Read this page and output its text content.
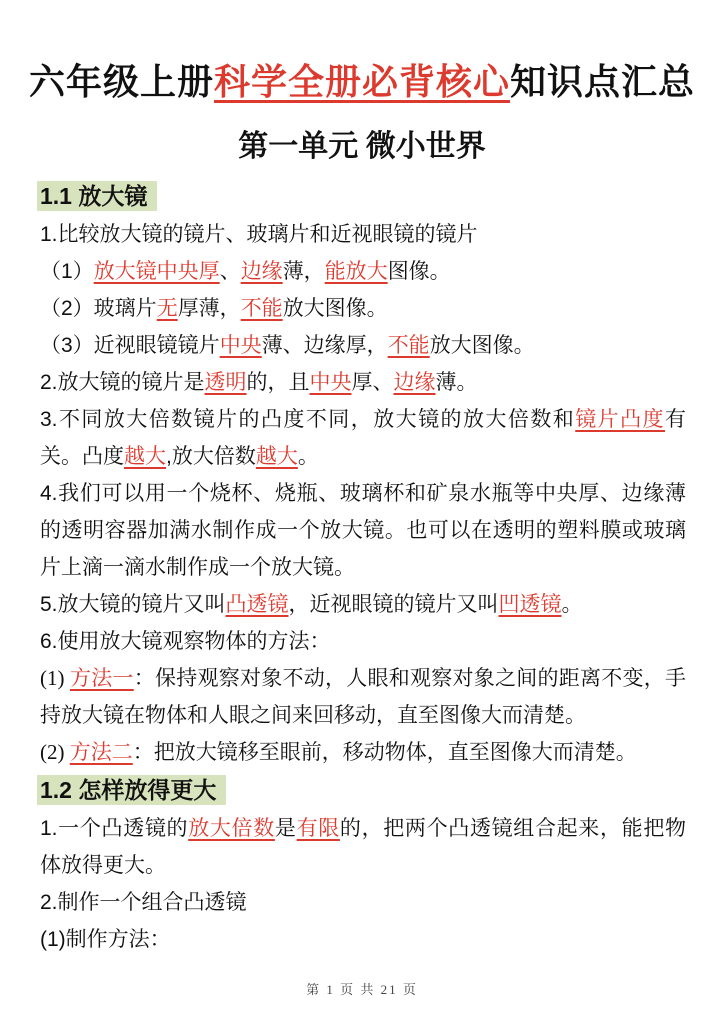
六年级上册科学全册必背核心知识点汇总
第一单元 微小世界
1.1 放大镜

1.比较放大镜的镜片、玻璃片和近视眼镜的镜片

（1）放大镜中央厚、边缘薄，能放大图像。

（2）玻璃片无厚薄，不能放大图像。

（3）近视眼镜镜片中央薄、边缘厚，不能放大图像。

2.放大镜的镜片是透明的，且中央厚、边缘薄。

3.不同放大倍数镜片的凸度不同，放大镜的放大倍数和镜片凸度有关。凸度越大,放大倍数越大。

4.我们可以用一个烧杯、烧瓶、玻璃杯和矿泉水瓶等中央厚、边缘薄的透明容器加满水制作成一个放大镜。也可以在透明的塑料膜或玻璃片上滴一滴水制作成一个放大镜。

5.放大镜的镜片又叫凸透镜，近视眼镜的镜片又叫凹透镜。

6.使用放大镜观察物体的方法：

(1) 方法一：保持观察对象不动，人眼和观察对象之间的距离不变，手持放大镜在物体和人眼之间来回移动，直至图像大而清楚。

(2) 方法二：把放大镜移至眼前，移动物体，直至图像大而清楚。

1.2 怎样放得更大

1.一个凸透镜的放大倍数是有限的，把两个凸透镜组合起来，能把物体放得更大。

2.制作一个组合凸透镜

(1)制作方法：

第 1 页 共 21 页
